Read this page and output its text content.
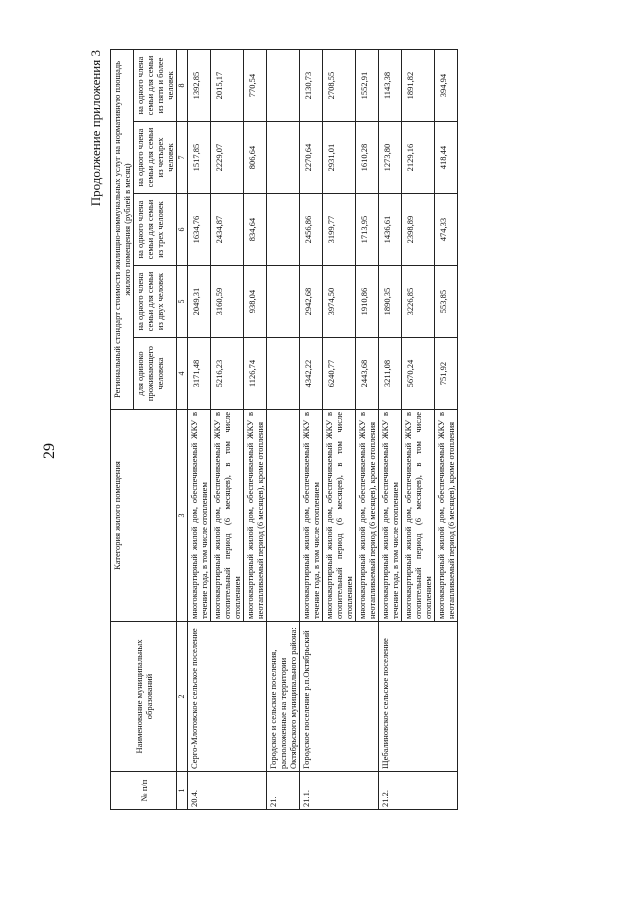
29
Продолжение приложения 3
№ п/п	Наименование муниципальных образований	Категория жилого помещения	Региональный стандарт стоимости жилищно-коммунальных услуг на нормативную площадь жилого помещения (рублей в месяц)				
			для одиноко проживающего человека	на одного члена семьи для семьи из двух человек	на одного члена семьи для семьи из трех человек	на одного члена семьи для семьи из четырех человек	на одного члена семьи для семьи из пяти и более человек
1	2	3	4	5	6	7	8
20.4.	Серго-Млотовское сельское поселение	многоквартирный жилой дом, обеспечиваемый ЖКУ в течение года, в том числе отоплением	3171,48	2049,31	1634,76	1517,85	1392,85
		многоквартирный жилой дом, обеспечиваемый ЖКУ в отопительный период (6 месяцев), в том числе отоплением	5216,23	3160,59	2434,87	2229,07	2015,17
		многоквартирный жилой дом, обеспечиваемый ЖКУ в неотапливаемый период (6 месяцев), кроме отопления	1126,74	938,04	834,64	806,64	770,54
21.	Городское и сельские поселения, расположенные на территории Октябрьского муниципального района:						
21.1.	Городское поселение р.п.Октябрьский	многоквартирный жилой дом, обеспечиваемый ЖКУ в течение года, в том числе отоплением	4342,22	2942,68	2456,86	2270,64	2130,73
		многоквартирный жилой дом, обеспечиваемый ЖКУ в отопительный период (6 месяцев), в том числе отоплением	6240,77	3974,50	3199,77	2931,01	2708,55
		многоквартирный жилой дом, обеспечиваемый ЖКУ в неотапливаемый период (6 месяцев), кроме отопления	2443,68	1910,86	1713,95	1610,28	1552,91
21.2.	Щебалиновское сельское поселение	многоквартирный жилой дом, обеспечиваемый ЖКУ в течение года, в том числе отоплением	3211,08	1890,35	1436,61	1273,80	1143,38
		многоквартирный жилой дом, обеспечиваемый ЖКУ в отопительный период (6 месяцев), в том числе отоплением	5670,24	3226,85	2398,89	2129,16	1891,82
		многоквартирный жилой дом, обеспечиваемый ЖКУ в неотапливаемый период (6 месяцев), кроме отопления	751,92	553,85	474,33	418,44	394,94
